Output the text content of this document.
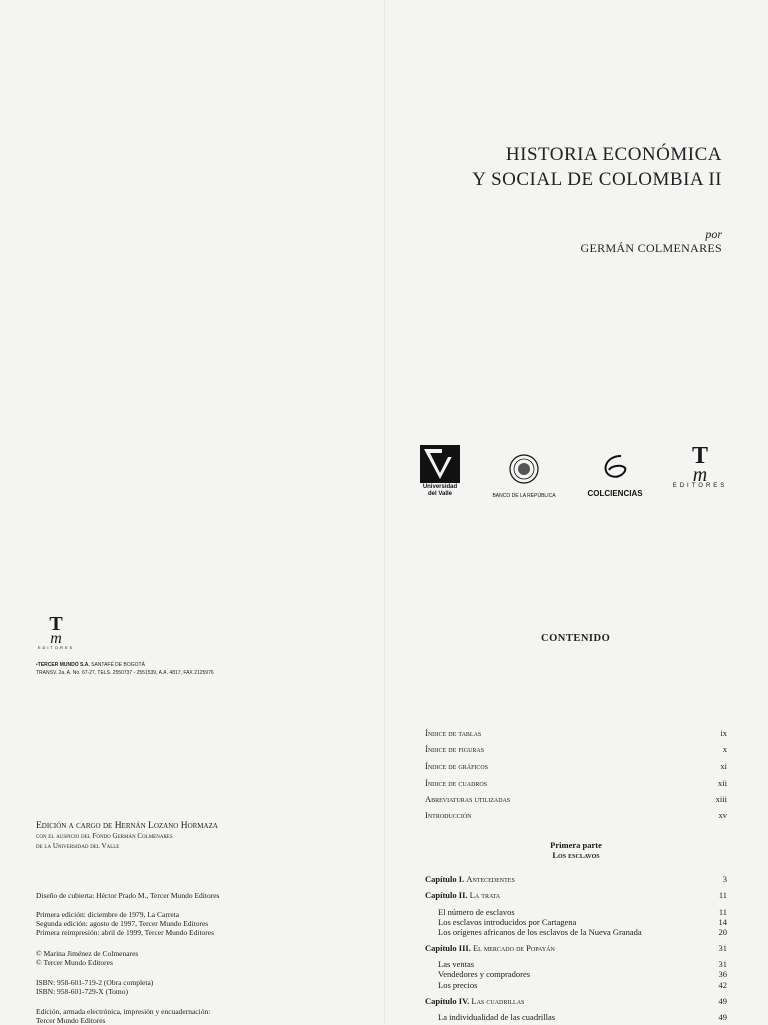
HISTORIA ECONÓMICA
Y SOCIAL DE COLOMBIA II
por
GERMÁN COLMENARES
Universidad
del Valle	BANCO DE LA REPÚBLICA	COLCIENCIAS
T
m
EDITORES
T
m
EDITORES
•TERCER MUNDO S.A. SANTAFÉ DE BOGOTÁ
TRANSV. 2a. A. No. 67-27, TELS. 2550737 - 2551539, A.A. 4817, FAX 2125976
Edición a cargo de Hernán Lozano Hormaza
con el auspicio del Fondo Germán Colmenares
de la Universidad del Valle
Diseño de cubierta: Héctor Prado M., Tercer Mundo Editores
Primera edición: diciembre de 1979, La Carreta
Segunda edición: agosto de 1997, Tercer Mundo Editores
Primera reimpresión: abril de 1999, Tercer Mundo Editores
© Marina Jiménez de Colmenares
© Tercer Mundo Editores
ISBN: 958-601-719-2 (Obra completa)
ISBN: 958-601-729-X (Tomo)
Edición, armada electrónica, impresión y encuadernación:
Tercer Mundo Editores
CONTENIDO
Índice de tablas	ix
Índice de figuras	x
Índice de gráficos	xi
Índice de cuadros	xii
Abreviaturas utilizadas	xiii
Introducción	xv
Primera parte
Los esclavos
Capítulo I. Antecedentes	3
Capítulo II. La trata	11
El número de esclavos	11
Los esclavos introducidos por Cartagena	14
Los orígenes africanos de los esclavos de la Nueva Granada	20
Capítulo III. El mercado de Popayán	31
Las ventas	31
Vendedores y compradores	36
Los precios	42
Capítulo IV. Las cuadrillas	49
La individualidad de las cuadrillas	49
